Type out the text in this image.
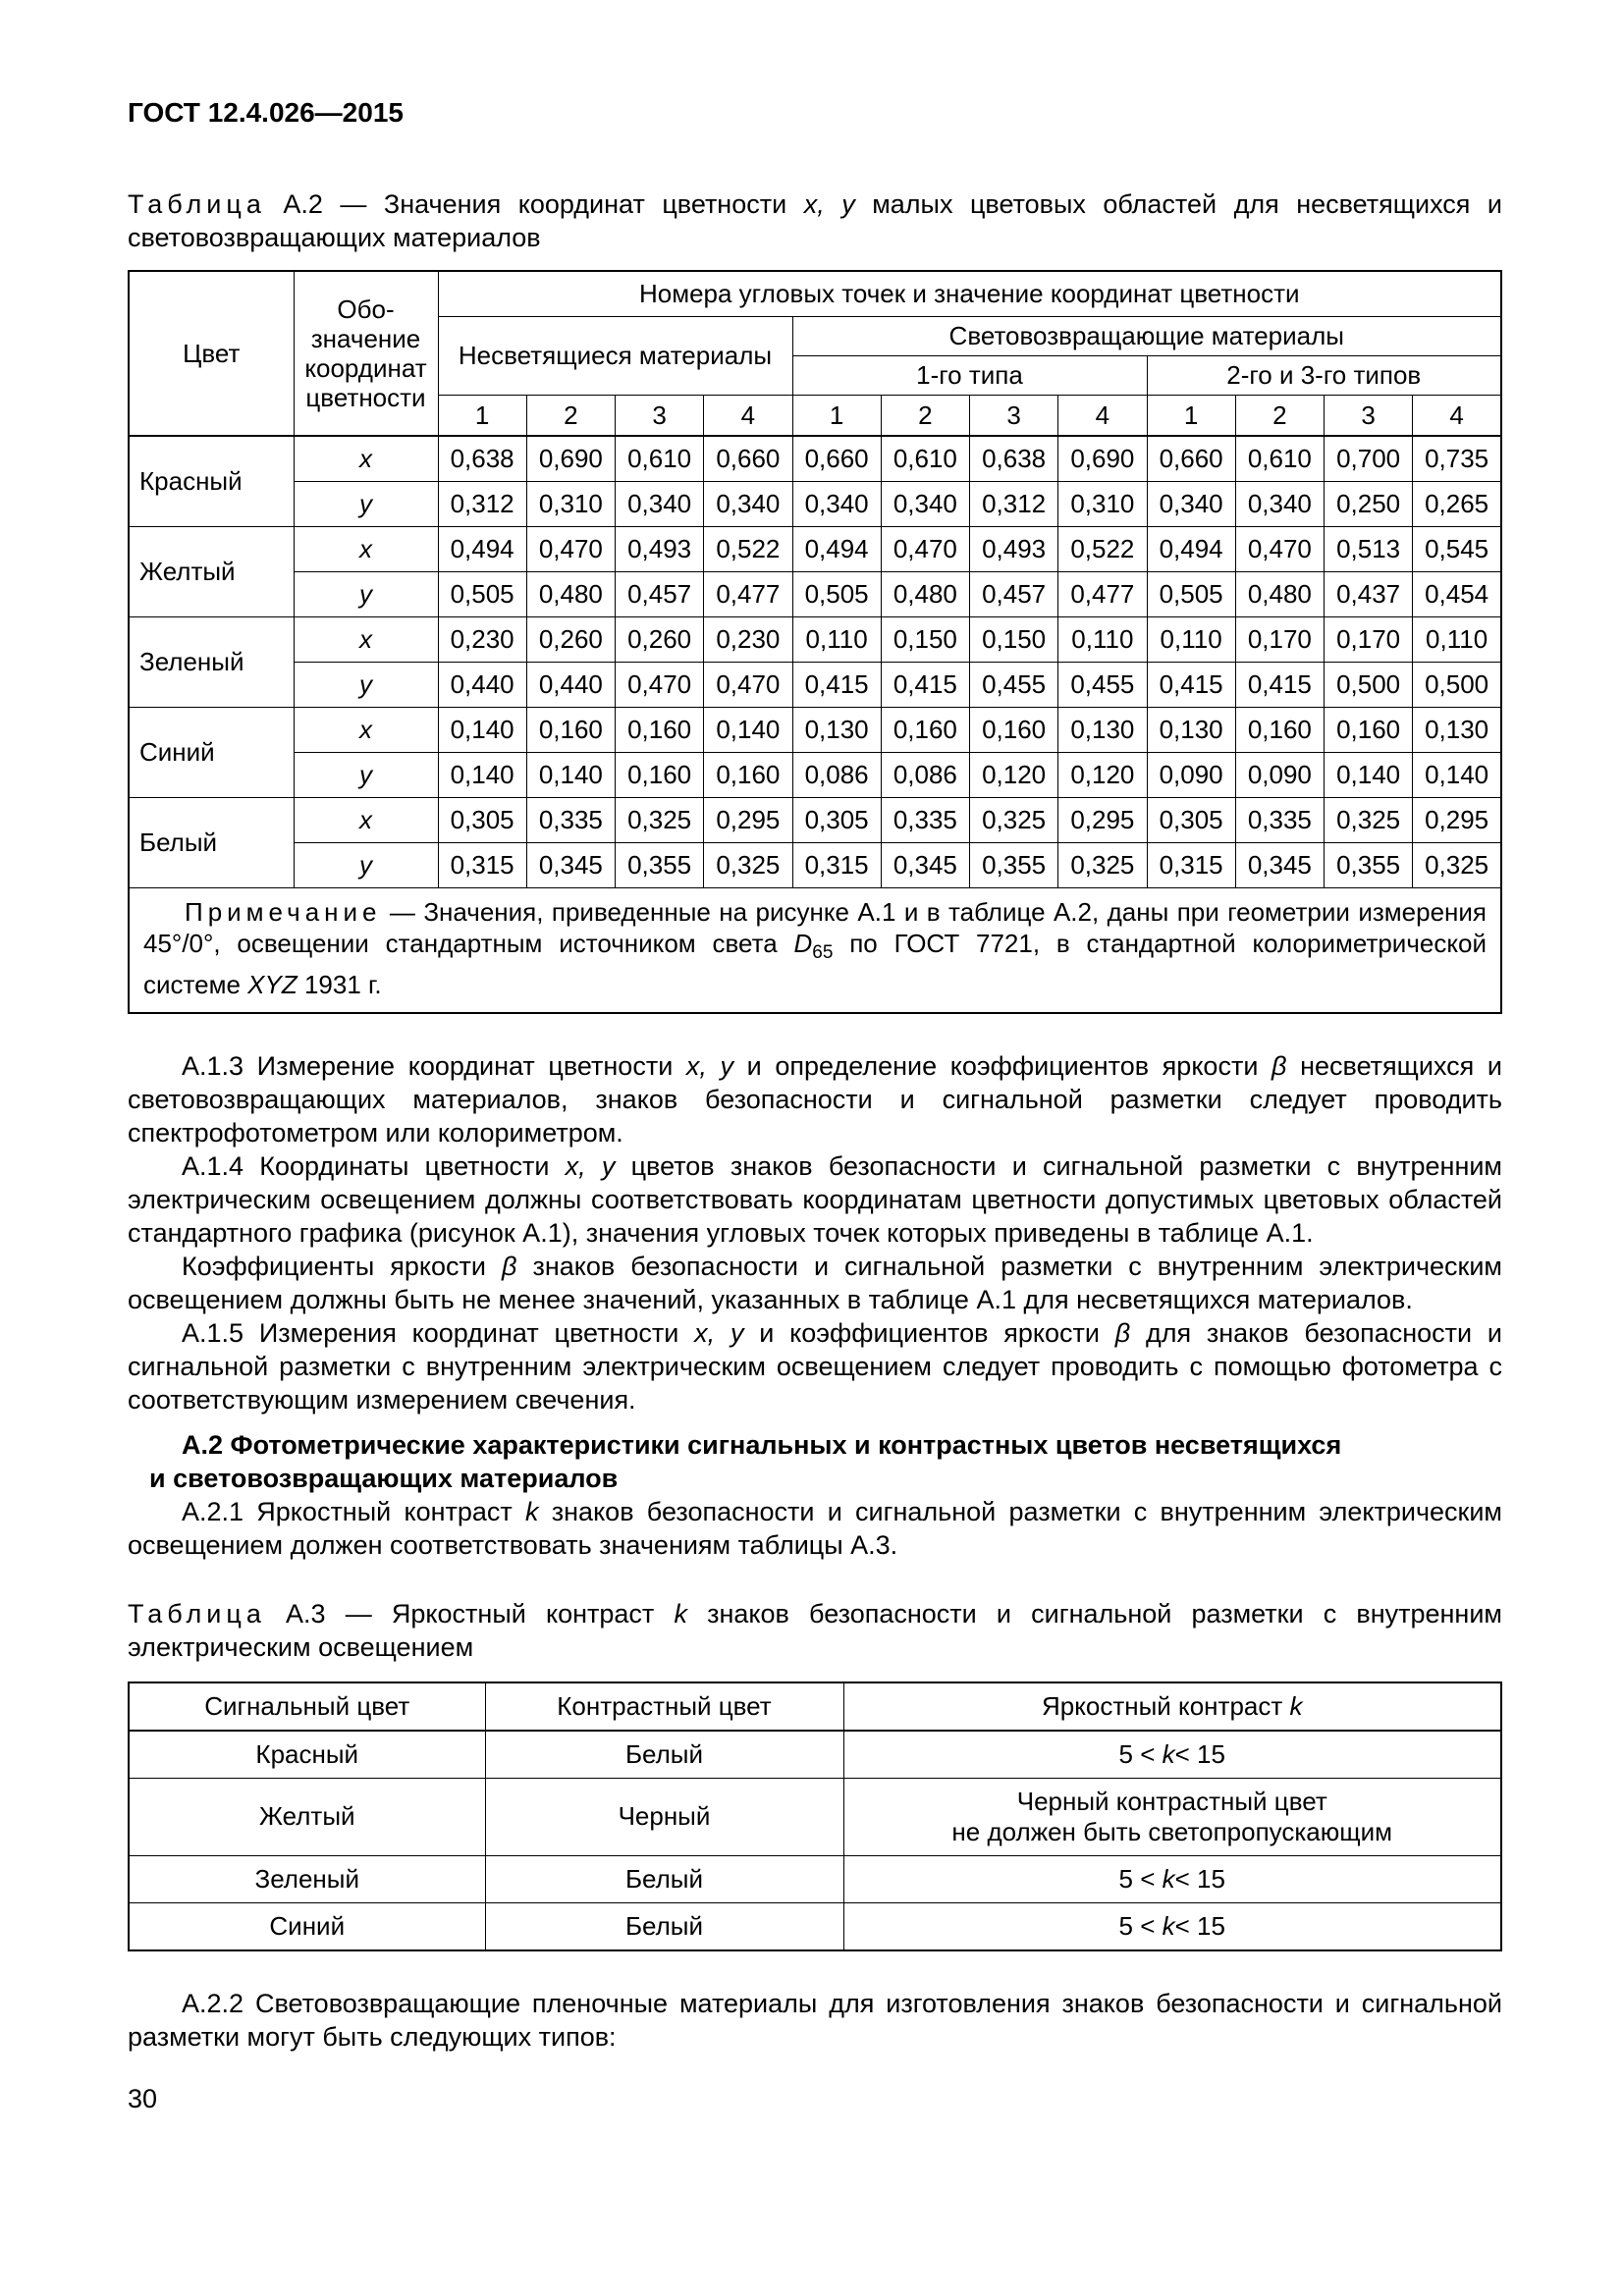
ГОСТ 12.4.026—2015

Таблица А.2 — Значения координат цветности x, y малых цветовых областей для несветящихся и световозвращающих материалов

Цвет	Обо-значение координат цветности	Номера угловых точек и значение координат цветности											
		Несветящиеся материалы				Световозвращающие материалы							
						1-го типа				2-го и 3-го типов			
		1	2	3	4	1	2	3	4	1	2	3	4
Красный	x	0,638	0,690	0,610	0,660	0,660	0,610	0,638	0,690	0,660	0,610	0,700	0,735
	y	0,312	0,310	0,340	0,340	0,340	0,340	0,312	0,310	0,340	0,340	0,250	0,265
Желтый	x	0,494	0,470	0,493	0,522	0,494	0,470	0,493	0,522	0,494	0,470	0,513	0,545
	y	0,505	0,480	0,457	0,477	0,505	0,480	0,457	0,477	0,505	0,480	0,437	0,454
Зеленый	x	0,230	0,260	0,260	0,230	0,110	0,150	0,150	0,110	0,110	0,170	0,170	0,110
	y	0,440	0,440	0,470	0,470	0,415	0,415	0,455	0,455	0,415	0,415	0,500	0,500
Синий	x	0,140	0,160	0,160	0,140	0,130	0,160	0,160	0,130	0,130	0,160	0,160	0,130
	y	0,140	0,140	0,160	0,160	0,086	0,086	0,120	0,120	0,090	0,090	0,140	0,140
Белый	x	0,305	0,335	0,325	0,295	0,305	0,335	0,325	0,295	0,305	0,335	0,325	0,295
	y	0,315	0,345	0,355	0,325	0,315	0,345	0,355	0,325	0,315	0,345	0,355	0,325

Примечание — Значения, приведенные на рисунке А.1 и в таблице А.2, даны при геометрии измерения 45°/0°, освещении стандартным источником света $D_{65}$ по ГОСТ 7721, в стандартной колориметрической системе XYZ 1931 г.													

А.1.3 Измерение координат цветности x, y и определение коэффициентов яркости β несветящихся и световозвращающих материалов, знаков безопасности и сигнальной разметки следует проводить спектрофотометром или колориметром.

А.1.4 Координаты цветности x, y цветов знаков безопасности и сигнальной разметки с внутренним электрическим освещением должны соответствовать координатам цветности допустимых цветовых областей стандартного графика (рисунок А.1), значения угловых точек которых приведены в таблице А.1.

Коэффициенты яркости β знаков безопасности и сигнальной разметки с внутренним электрическим освещением должны быть не менее значений, указанных в таблице А.1 для несветящихся материалов.

А.1.5 Измерения координат цветности x, y и коэффициентов яркости β для знаков безопасности и сигнальной разметки с внутренним электрическим освещением следует проводить с помощью фотометра с соответствующим измерением свечения.

А.2 Фотометрические характеристики сигнальных и контрастных цветов несветящихся
и световозвращающих материалов

А.2.1 Яркостный контраст k знаков безопасности и сигнальной разметки с внутренним электрическим освещением должен соответствовать значениям таблицы А.3.

Таблица А.3 — Яркостный контраст k знаков безопасности и сигнальной разметки с внутренним электрическим освещением

Сигнальный цвет	Контрастный цвет	Яркостный контраст k
Красный	Белый	5 < k< 15
Желтый	Черный	Черный контрастный цвет
не должен быть светопропускающим
Зеленый	Белый	5 < k< 15
Синий	Белый	5 < k< 15

А.2.2 Световозвращающие пленочные материалы для изготовления знаков безопасности и сигнальной разметки могут быть следующих типов:

30
